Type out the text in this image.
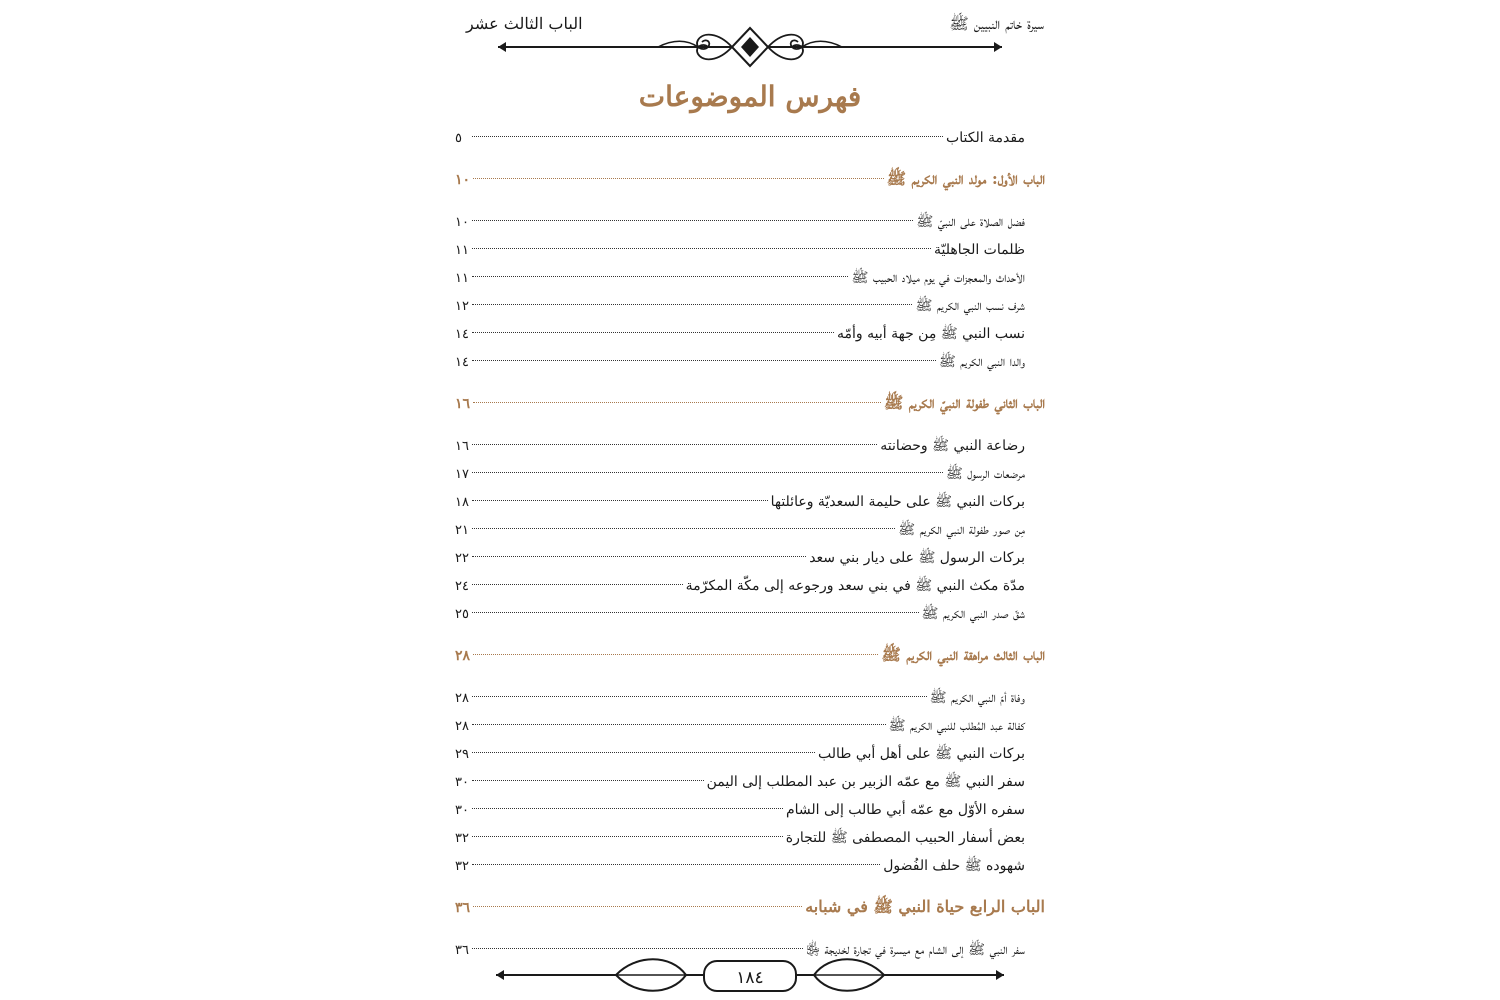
سيرة خاتم النبيين ﷺ
الباب الثالث عشر
فهرس الموضوعات
مقدمة الكتاب
٥
الباب الأول: مولد النبي الكريم ﷺ
١٠
فضل الصلاة على النبيّ ﷺ
١٠
ظلمات الجاهليّة
١١
الأحداث والمعجزات في يوم ميلاد الحبيب ﷺ
١١
شرف نسب النبي الكريم ﷺ
١٢
نسب النبي ﷺ مِن جهة أبيه وأمّه
١٤
والدا النبي الكريم ﷺ
١٤
الباب الثاني طفولة النبيّ الكريم ﷺ
١٦
رضاعة النبي ﷺ وحضانته
١٦
مرضعات الرسول ﷺ
١٧
بركات النبي ﷺ على حليمة السعديّة وعائلتها
١٨
مِن صور طفولة النبي الكريم ﷺ
٢١
بركات الرسول ﷺ على ديار بني سعد
٢٢
مدّة مكث النبي ﷺ في بني سعد ورجوعه إلى مكّة المكرّمة
٢٤
شقّ صدر النبي الكريم ﷺ
٢٥
الباب الثالث مراهقة النبي الكريم ﷺ
٢٨
وفاة أمّ النبي الكريم ﷺ
٢٨
كفالة عبد المُطلب للنبي الكريم ﷺ
٢٨
بركات النبي ﷺ على أهل أبي طالب
٢٩
سفر النبي ﷺ مع عمّه الزبير بن عبد المطلب إلى اليمن
٣٠
سفره الأوّل مع عمّه أبي طالب إلى الشام
٣٠
بعض أسفار الحبيب المصطفى ﷺ للتجارة
٣٢
شهوده ﷺ حلف الفُضول
٣٢
الباب الرابع حياة النبي ﷺ في شبابه
٣٦
سفر النبي ﷺ إلى الشام مع ميسرة في تجارة لخديجة ﵂
٣٦
١٨٤
